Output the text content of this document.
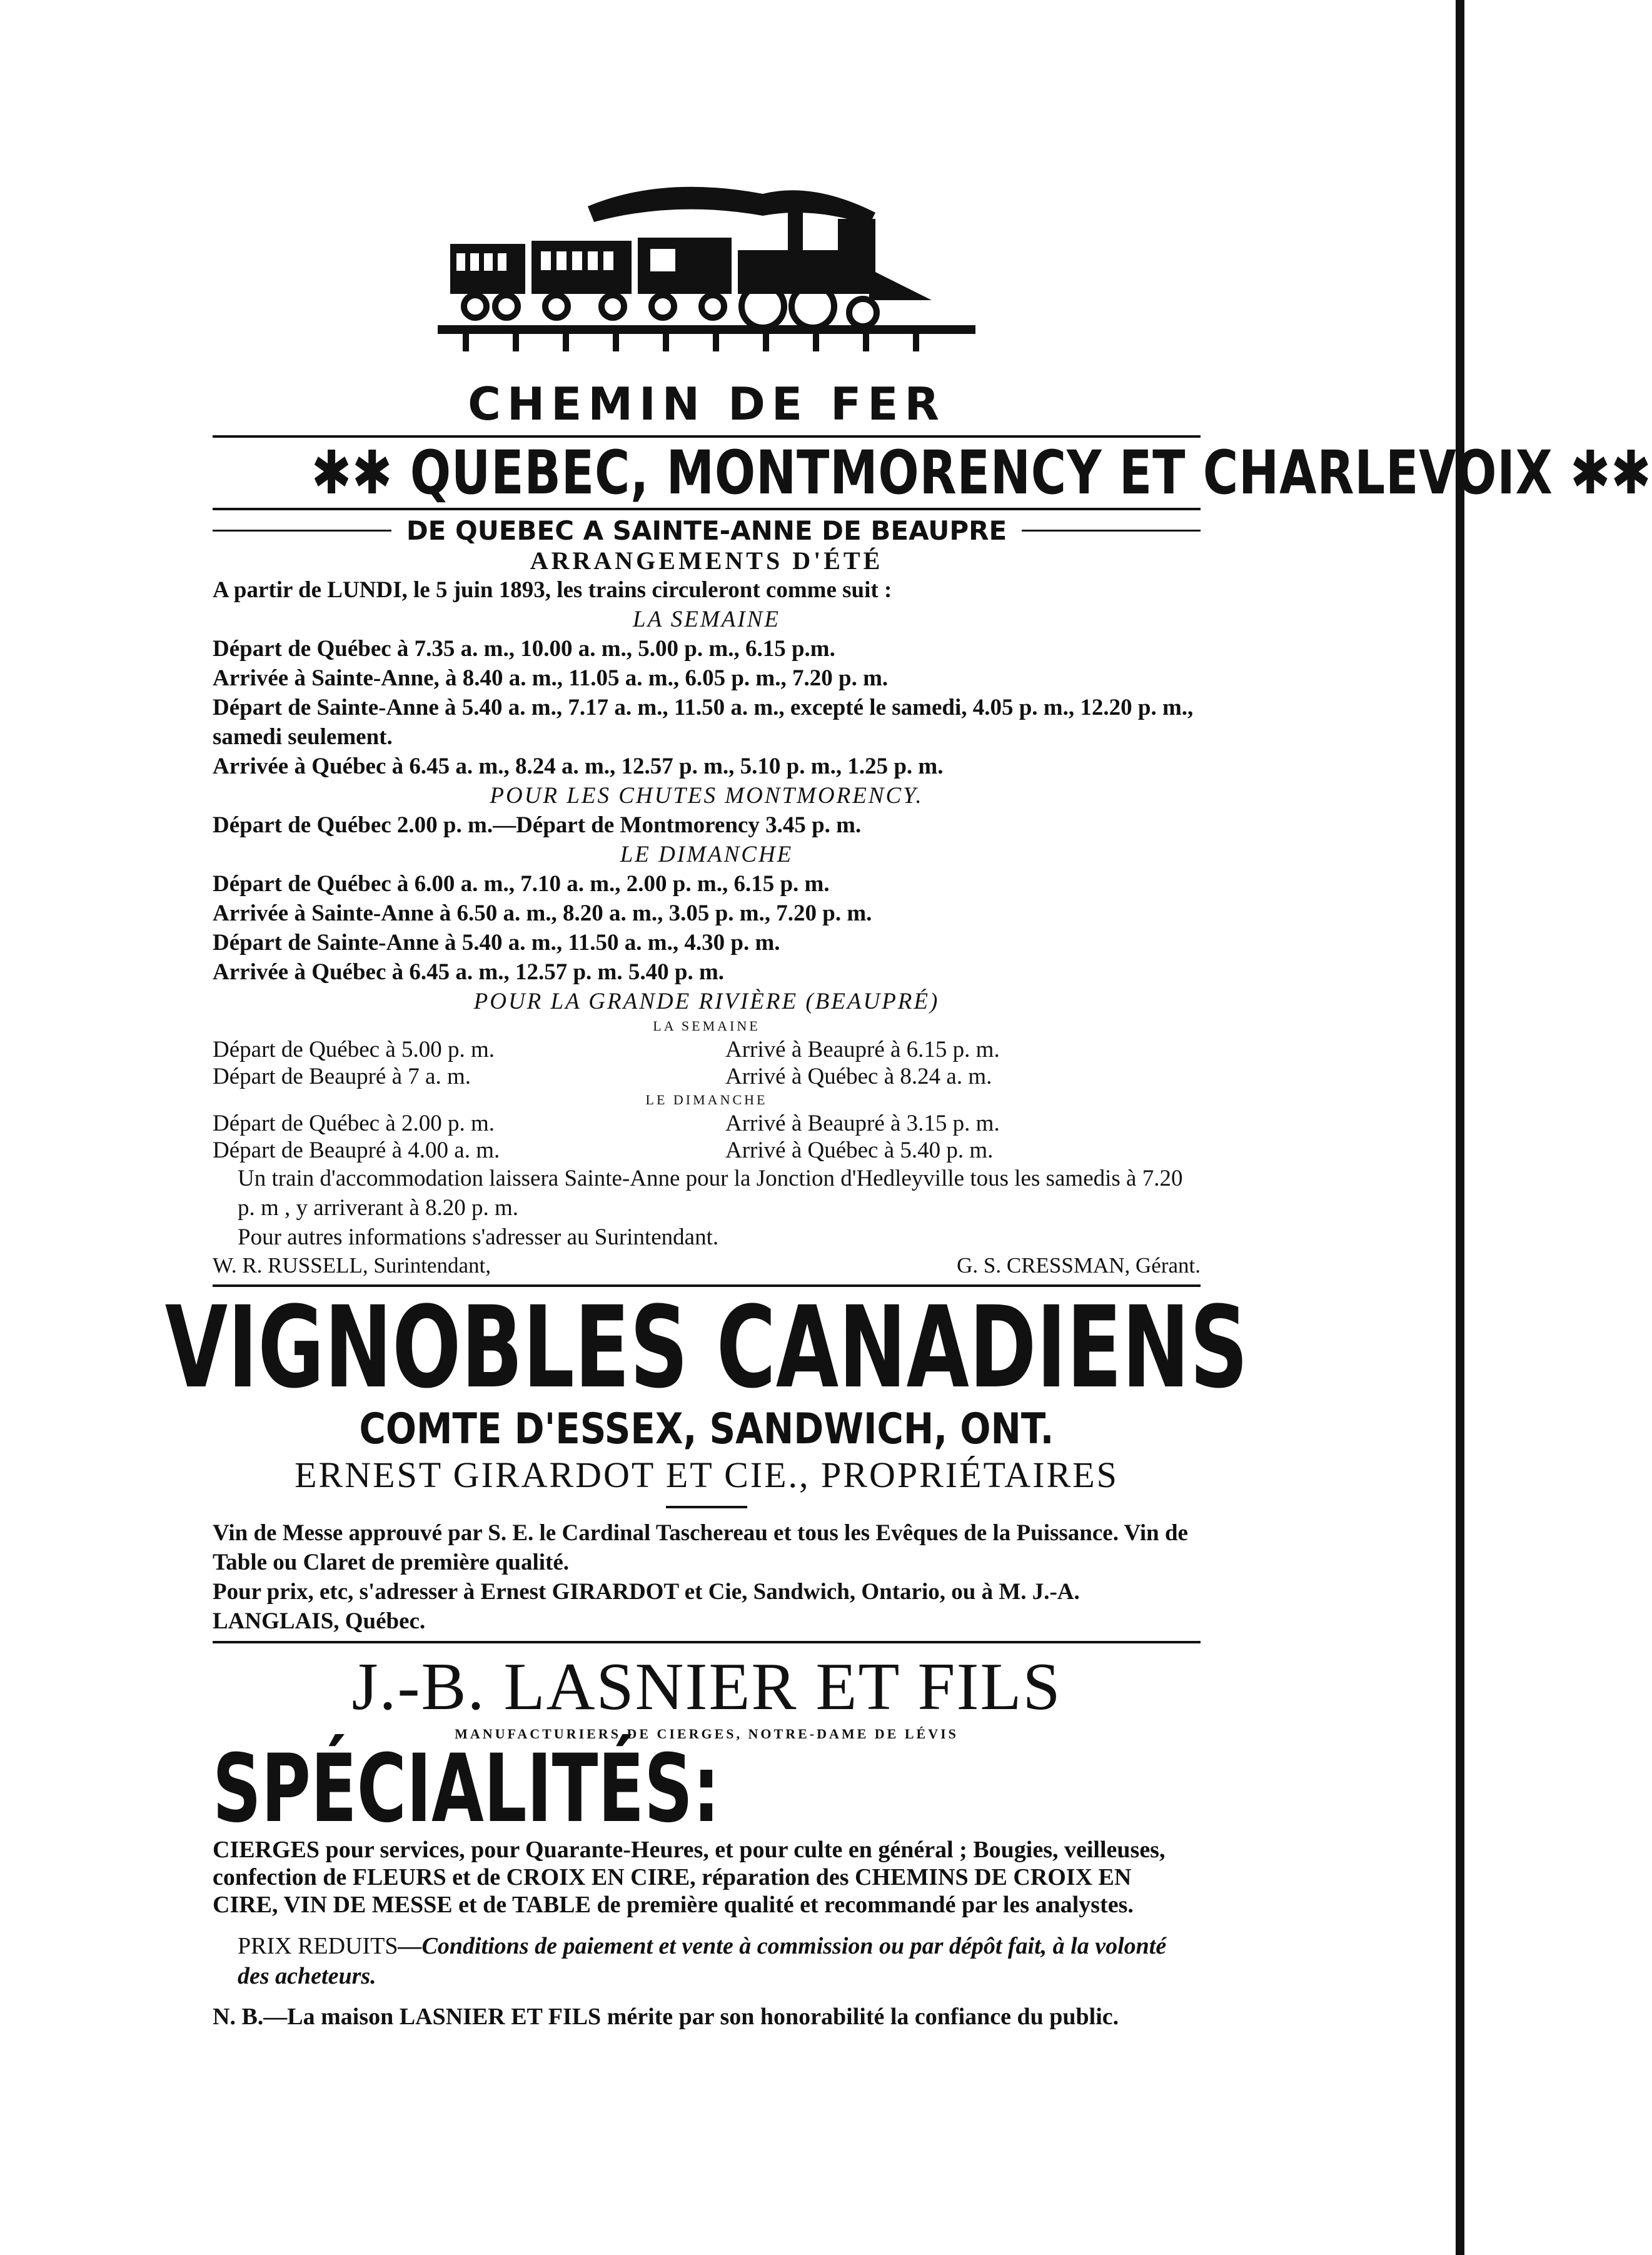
CHEMIN DE FER
✱✱ QUEBEC, MONTMORENCY ET CHARLEVOIX ✱✱
DE QUEBEC A SAINTE-ANNE DE BEAUPRE
ARRANGEMENTS D'ÉTÉ
A partir de LUNDI, le 5 juin 1893, les trains circuleront comme suit :
LA SEMAINE
Départ de Québec à 7.35 a. m., 10.00 a. m., 5.00 p. m., 6.15 p.m.
Arrivée à Sainte-Anne, à 8.40 a. m., 11.05 a. m., 6.05 p. m., 7.20 p. m.
Départ de Sainte-Anne à 5.40 a. m., 7.17 a. m., 11.50 a. m., excepté le samedi, 4.05 p. m., 12.20 p. m., samedi seulement.
Arrivée à Québec à 6.45 a. m., 8.24 a. m., 12.57 p. m., 5.10 p. m., 1.25 p. m.
POUR LES CHUTES MONTMORENCY.
Départ de Québec 2.00 p. m.—Départ de Montmorency 3.45 p. m.
LE DIMANCHE
Départ de Québec à 6.00 a. m., 7.10 a. m., 2.00 p. m., 6.15 p. m.
Arrivée à Sainte-Anne à 6.50 a. m., 8.20 a. m., 3.05 p. m., 7.20 p. m.
Départ de Sainte-Anne à 5.40 a. m., 11.50 a. m., 4.30 p. m.
Arrivée à Québec à 6.45 a. m., 12.57 p. m. 5.40 p. m.
POUR LA GRANDE RIVIÈRE (BEAUPRÉ)
LA SEMAINE
Départ de Québec à 5.00 p. m.	Arrivé à Beaupré à 6.15 p. m.
Départ de Beaupré à 7 a. m.	Arrivé à Québec à 8.24 a. m.
LE DIMANCHE
Départ de Québec à 2.00 p. m.	Arrivé à Beaupré à 3.15 p. m.
Départ de Beaupré à 4.00 a. m.	Arrivé à Québec à 5.40 p. m.
Un train d'accommodation laissera Sainte-Anne pour la Jonction d'Hedleyville tous les samedis à 7.20 p. m , y arriverant à 8.20 p. m.
Pour autres informations s'adresser au Surintendant.
W. R. RUSSELL, Surintendant,	G. S. CRESSMAN, Gérant.
VIGNOBLES CANADIENS
COMTE D'ESSEX, SANDWICH, ONT.
ERNEST GIRARDOT ET CIE., PROPRIÉTAIRES
Vin de Messe approuvé par S. E. le Cardinal Taschereau et tous les Evêques de la Puissance. Vin de Table ou Claret de première qualité.
Pour prix, etc, s'adresser à Ernest GIRARDOT et Cie, Sandwich, Ontario, ou à M. J.-A. LANGLAIS, Québec.
J.-B. LASNIER ET FILS
MANUFACTURIERS DE CIERGES, NOTRE-DAME DE LÉVIS
SPÉCIALITÉS:
CIERGES pour services, pour Quarante-Heures, et pour culte en général ; Bougies, veilleuses, confection de FLEURS et de CROIX EN CIRE, réparation des CHEMINS DE CROIX EN CIRE, VIN DE MESSE et de TABLE de première qualité et recommandé par les analystes.
PRIX REDUITS—Conditions de paiement et vente à commission ou par dépôt fait, à la volonté des acheteurs.
N. B.—La maison LASNIER ET FILS mérite par son honorabilité la confiance du public.
